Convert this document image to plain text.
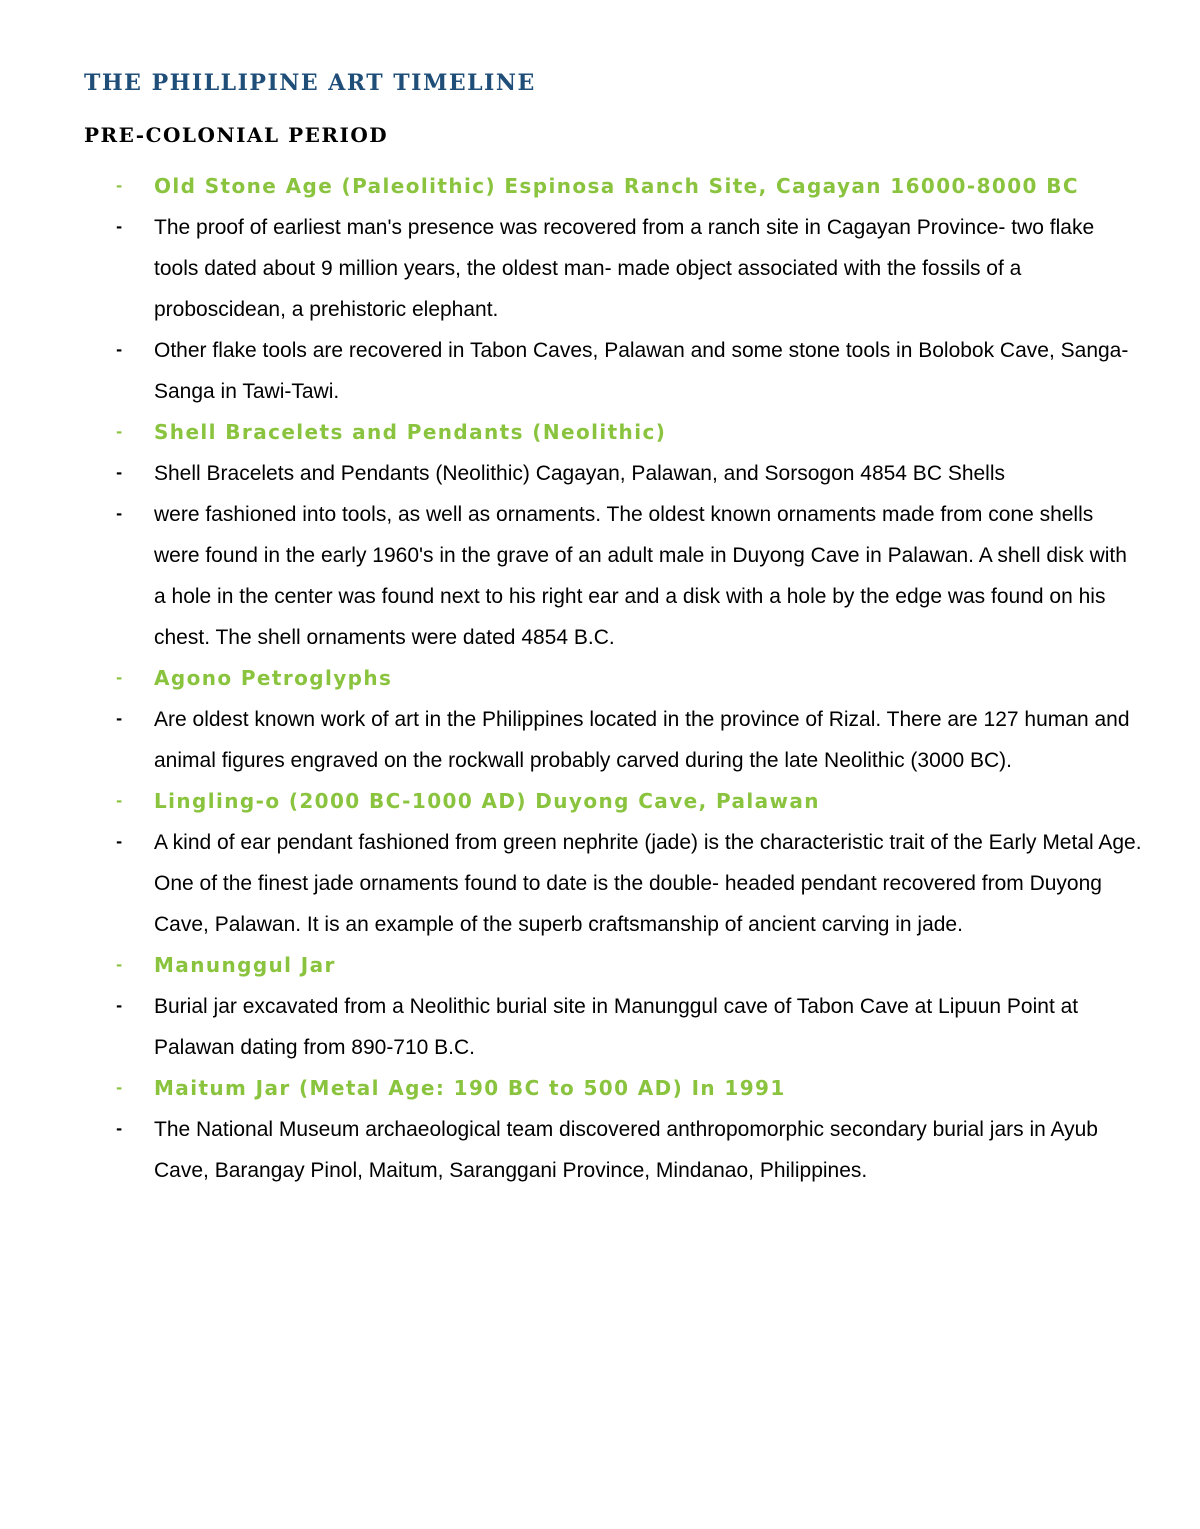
THE PHILLIPINE ART TIMELINE
PRE-COLONIAL PERIOD
- Old Stone Age (Paleolithic) Espinosa Ranch Site, Cagayan 16000-8000 BC
- The proof of earliest man's presence was recovered from a ranch site in Cagayan Province- two flake tools dated about 9 million years, the oldest man- made object associated with the fossils of a proboscidean, a prehistoric elephant.
- Other flake tools are recovered in Tabon Caves, Palawan and some stone tools in Bolobok Cave, Sanga-Sanga in Tawi-Tawi.
- Shell Bracelets and Pendants (Neolithic)
- Shell Bracelets and Pendants (Neolithic) Cagayan, Palawan, and Sorsogon 4854 BC Shells
- were fashioned into tools, as well as ornaments. The oldest known ornaments made from cone shells were found in the early 1960's in the grave of an adult male in Duyong Cave in Palawan. A shell disk with a hole in the center was found next to his right ear and a disk with a hole by the edge was found on his chest. The shell ornaments were dated 4854 B.C.
- Agono Petroglyphs
- Are oldest known work of art in the Philippines located in the province of Rizal. There are 127 human and animal figures engraved on the rockwall probably carved during the late Neolithic (3000 BC).
- Lingling-o (2000 BC-1000 AD) Duyong Cave, Palawan
- A kind of ear pendant fashioned from green nephrite (jade) is the characteristic trait of the Early Metal Age. One of the finest jade ornaments found to date is the double- headed pendant recovered from Duyong Cave, Palawan. It is an example of the superb craftsmanship of ancient carving in jade.
- Manunggul Jar
- Burial jar excavated from a Neolithic burial site in Manunggul cave of Tabon Cave at Lipuun Point at Palawan dating from 890-710 B.C.
- Maitum Jar (Metal Age: 190 BC to 500 AD) In 1991
- The National Museum archaeological team discovered anthropomorphic secondary burial jars in Ayub Cave, Barangay Pinol, Maitum, Saranggani Province, Mindanao, Philippines.
